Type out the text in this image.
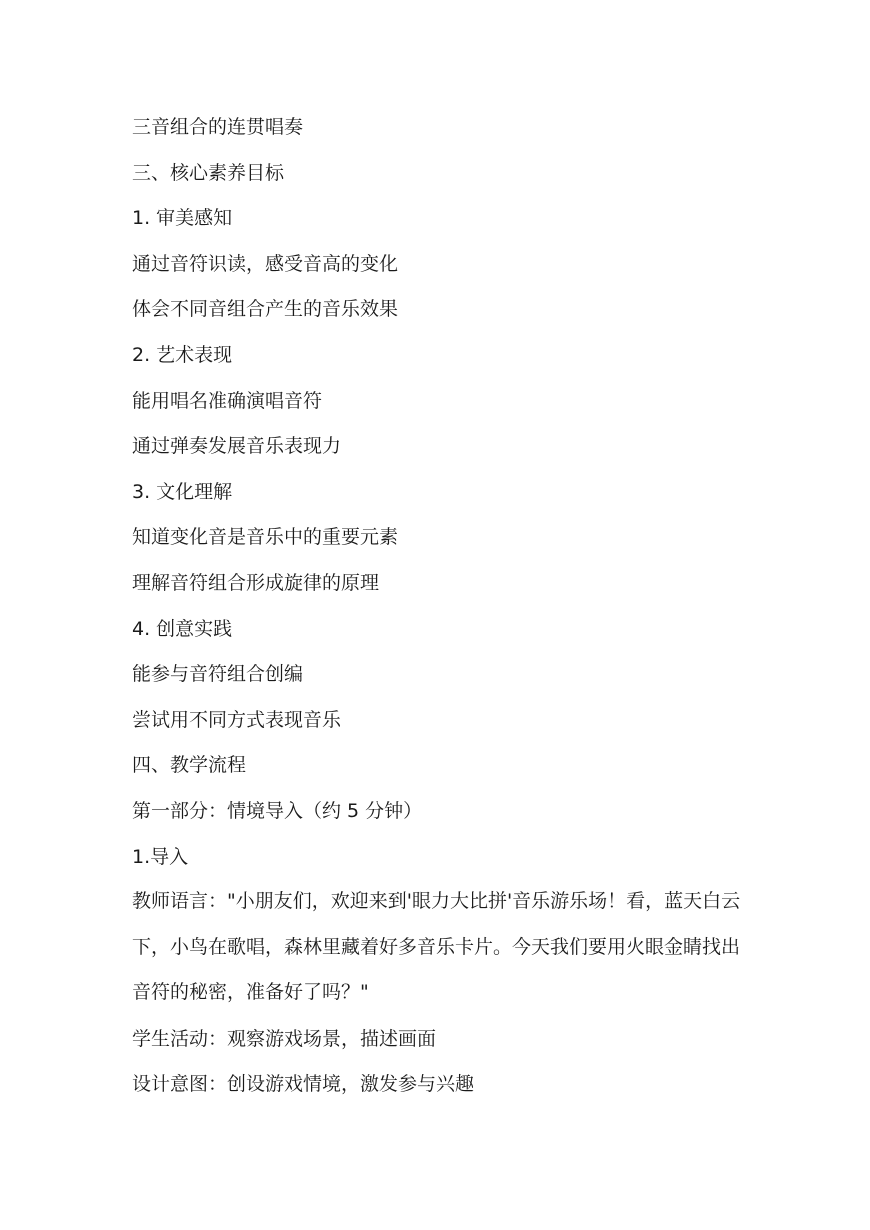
三音组合的连贯唱奏
三、核心素养目标
1. 审美感知
通过音符识读，感受音高的变化
体会不同音组合产生的音乐效果
2. 艺术表现
能用唱名准确演唱音符
通过弹奏发展音乐表现力
3. 文化理解
知道变化音是音乐中的重要元素
理解音符组合形成旋律的原理
4. 创意实践
能参与音符组合创编
尝试用不同方式表现音乐
四、教学流程
第一部分：情境导入（约 5 分钟）
1.导入
教师语言："小朋友们，欢迎来到'眼力大比拼'音乐游乐场！看，蓝天白云下，小鸟在歌唱，森林里藏着好多音乐卡片。今天我们要用火眼金睛找出音符的秘密，准备好了吗？"
学生活动：观察游戏场景，描述画面
设计意图：创设游戏情境，激发参与兴趣
